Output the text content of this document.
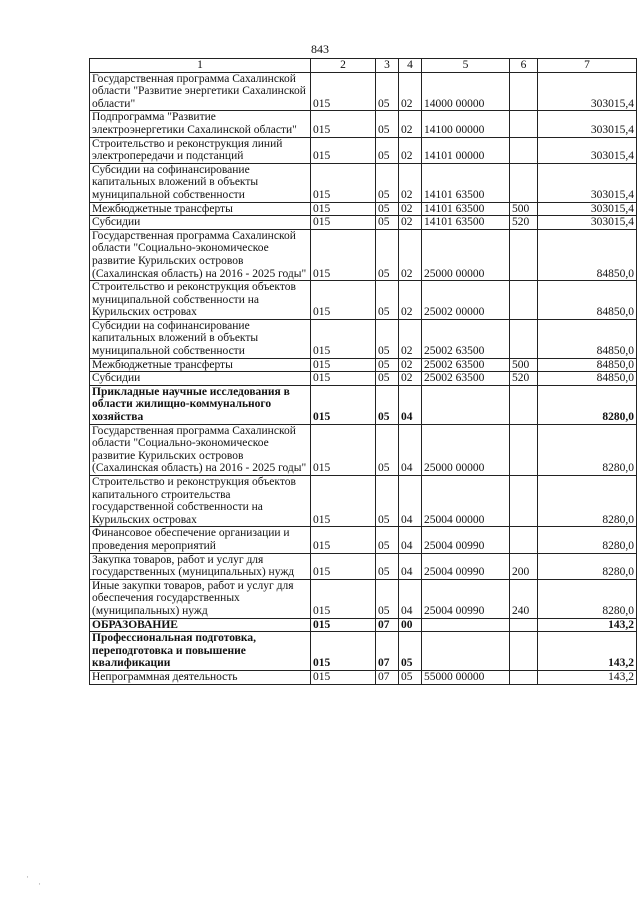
843
1	2	3	4	5	6	7
Государственная программа Сахалинской области "Развитие энергетики Сахалинской области"	015	05	02	14000 00000		303015,4
Подпрограмма "Развитие электроэнергетики Сахалинской области"	015	05	02	14100 00000		303015,4
Строительство и реконструкция линий электропередачи и подстанций	015	05	02	14101 00000		303015,4
Субсидии на софинансирование капитальных вложений в объекты муниципальной собственности	015	05	02	14101 63500		303015,4
Межбюджетные трансферты	015	05	02	14101 63500	500	303015,4
Субсидии	015	05	02	14101 63500	520	303015,4
Государственная программа Сахалинской области "Социально-экономическое развитие Курильских островов (Сахалинская область) на 2016 - 2025 годы"	015	05	02	25000 00000		84850,0
Строительство и реконструкция объектов муниципальной собственности на Курильских островах	015	05	02	25002 00000		84850,0
Субсидии на софинансирование капитальных вложений в объекты муниципальной собственности	015	05	02	25002 63500		84850,0
Межбюджетные трансферты	015	05	02	25002 63500	500	84850,0
Субсидии	015	05	02	25002 63500	520	84850,0
Прикладные научные исследования в области жилищно-коммунального хозяйства	015	05	04			8280,0
Государственная программа Сахалинской области "Социально-экономическое развитие Курильских островов (Сахалинская область) на 2016 - 2025 годы"	015	05	04	25000 00000		8280,0
Строительство и реконструкция объектов капитального строительства государственной собственности на Курильских островах	015	05	04	25004 00000		8280,0
Финансовое обеспечение организации и проведения мероприятий	015	05	04	25004 00990		8280,0
Закупка товаров, работ и услуг для государственных (муниципальных) нужд	015	05	04	25004 00990	200	8280,0
Иные закупки товаров, работ и услуг для обеспечения государственных (муниципальных) нужд	015	05	04	25004 00990	240	8280,0
ОБРАЗОВАНИЕ	015	07	00			143,2
Профессиональная подготовка, переподготовка и повышение квалификации	015	07	05			143,2
Непрограммная деятельность	015	07	05	55000 00000		143,2
·
·
